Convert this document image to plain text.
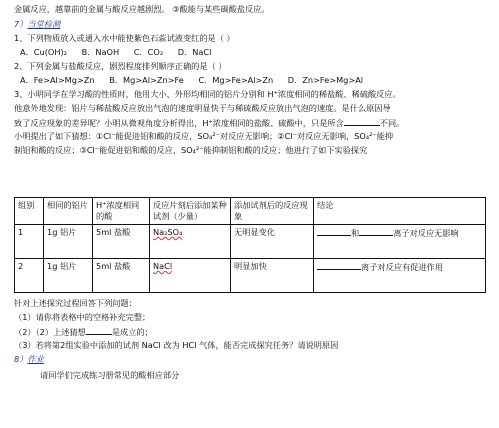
金属反应，越靠前的金属与酸反应越剧烈。 ③酸能与某些碳酸盐反应。
7）当堂检测
1、下列物质放入或通入水中能使紫色石蕊试液变红的是（ ）
A．Cu(OH)₂ B．NaOH C．CO₂ D．NaCl
2、下列金属与盐酸反应，剧烈程度排列顺序正确的是（ ）
A．Fe>Al>Mg>Zn B．Mg>Al>Zn>Fe C．Mg>Fe>Al>Zn D．Zn>Fe>Mg>Al
3、小明同学在学习酸的性质时，他用大小、外形均相同的铝片分别和 H⁺浓度相同的稀盐酸、稀硫酸反应。
他意外地发现：铝片与稀盐酸反应放出气泡的速度明显快于与稀硫酸反应放出气泡的速度。是什么原因导
致了反应现象的差异呢？小明从微观角度分析得出，H⁺浓度相同的盐酸、硫酸中，只是所含	不同。
小明提出了如下猜想：①Cl⁻能促进铝和酸的反应，SO₄²⁻对反应无影响；②Cl⁻对反应无影响，SO₄²⁻能抑
制铝和酸的反应；③Cl⁻能促进铝和酸的反应，SO₄²⁻能抑制铝和酸的反应；他进行了如下实验探究
组别	相同的铝片	H⁺浓度相同的酸	反应片刻后添加某种试剂（少量）	添加试剂后的反应现象	结论
1	1g 铝片	5ml 盐酸	Na₂SO₄	无明显变化	和 离子对反应无影响
2	1g 铝片	5ml 盐酸	NaCl	明显加快	离子对反应有促进作用
针对上述探究过程回答下列问题：
（1）请你将表格中的空格补充完整；
（2）（2）上述猜想	是成立的；
（3）若将第2组实验中添加的试剂 NaCl 改为 HCl 气体，能否完成探究任务？请说明原因
8）作业
请同学们完成练习册常见的酸相应部分
